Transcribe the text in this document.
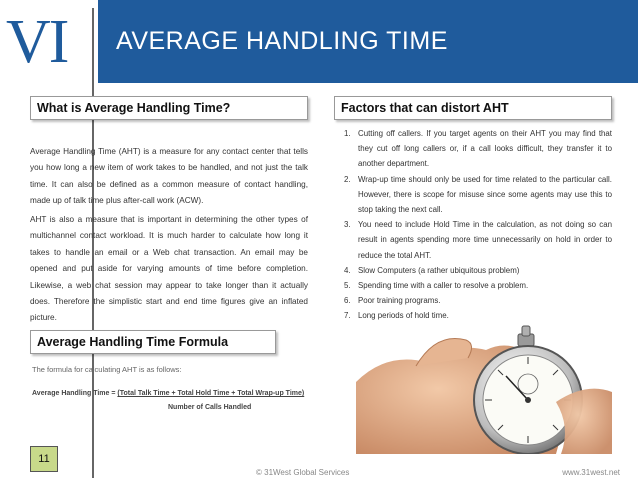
VI	AVERAGE HANDLING TIME
What is Average Handling Time?
Average Handling Time (AHT) is a measure for any contact center that tells you how long a new item of work takes to be handled, and not just the talk time. It can also be defined as a common measure of contact handling, made up of talk time plus after-call work (ACW).
AHT is also a measure that is important in determining the other types of multichannel contact workload. It is much harder to calculate how long it takes to handle an email or a Web chat transaction. An email may be opened and put aside for varying amounts of time before completion. Likewise, a web chat session may appear to take longer than it actually does. Therefore the simplistic start and end time figures give an inflated picture.
Factors that can distort AHT
1. Cutting off callers. If you target agents on their AHT you may find that they cut off long callers or, if a call looks difficult, they transfer it to another department.
2. Wrap-up time should only be used for time related to the particular call. However, there is scope for misuse since some agents may use this to stop taking the next call.
3. You need to include Hold Time in the calculation, as not doing so can result in agents spending more time unnecessarily on hold in order to reduce the total AHT.
4. Slow Computers (a rather ubiquitous problem)
5. Spending time with a caller to resolve a problem.
6. Poor training programs.
7. Long periods of hold time.
Average Handling Time Formula
The formula for calculating AHT is as follows:
Average Handling Time = (Total Talk Time + Total Hold Time + Total Wrap-up Time)
Number of Calls Handled
11
© 31West Global Services	www.31west.net
